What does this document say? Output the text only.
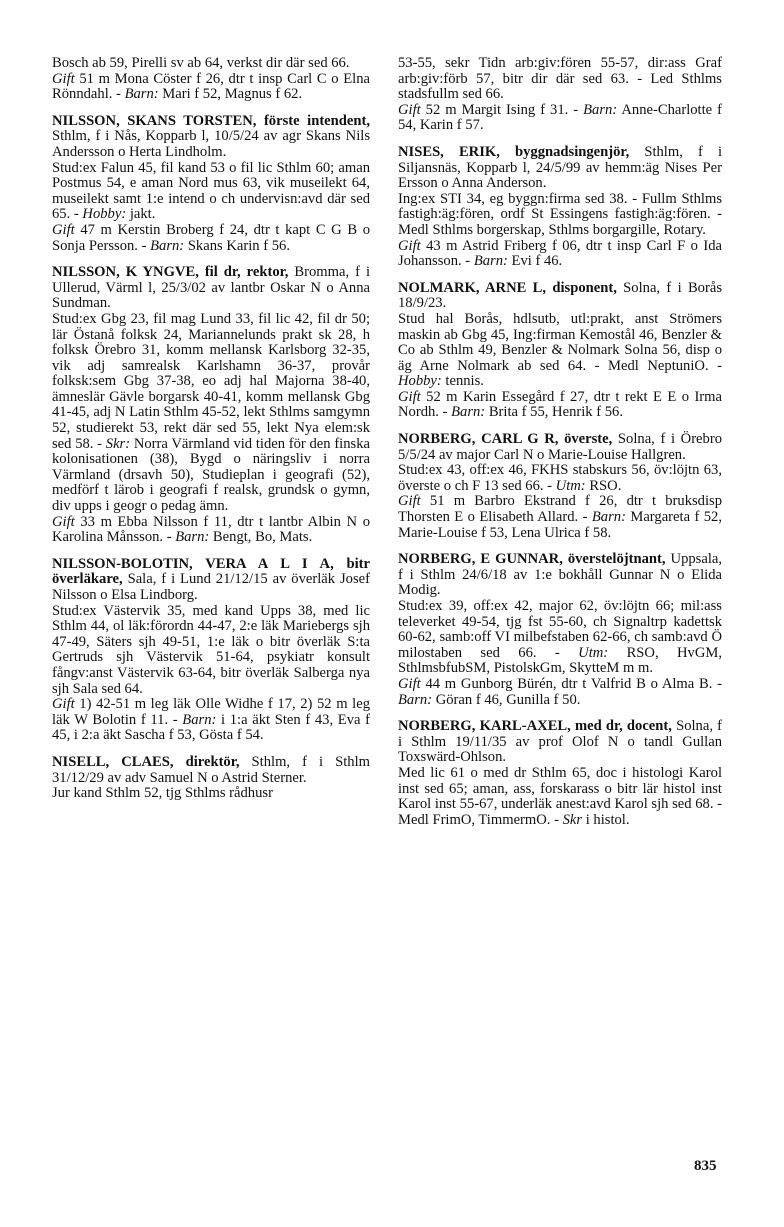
Bosch ab 59, Pirelli sv ab 64, verkst dir där sed 66.

Gift 51 m Mona Cöster f 26, dtr t insp Carl C o Elna Rönndahl. - Barn: Mari f 52, Magnus f 62.

NILSSON, SKANS TORSTEN, förste intendent, Sthlm, f i Nås, Kopparb l, 10/5/24 av agr Skans Nils Andersson o Herta Lindholm.

Stud:ex Falun 45, fil kand 53 o fil lic Sthlm 60; aman Postmus 54, e aman Nord mus 63, vik museilekt 64, museilekt samt 1:e intend o ch undervisn:avd där sed 65. - Hobby: jakt.

Gift 47 m Kerstin Broberg f 24, dtr t kapt C G B o Sonja Persson. - Barn: Skans Karin f 56.

NILSSON, K YNGVE, fil dr, rektor, Bromma, f i Ullerud, Värml l, 25/3/02 av lantbr Oskar N o Anna Sundman.

Stud:ex Gbg 23, fil mag Lund 33, fil lic 42, fil dr 50; lär Östanå folksk 24, Mariannelunds prakt sk 28, h folksk Örebro 31, komm mellansk Karlsborg 32-35, vik adj samrealsk Karlshamn 36-37, provår folksk:sem Gbg 37-38, eo adj hal Majorna 38-40, ämneslär Gävle borgarsk 40-41, komm mellansk Gbg 41-45, adj N Latin Sthlm 45-52, lekt Sthlms samgymn 52, studierekt 53, rekt där sed 55, lekt Nya elem:sk sed 58. - Skr: Norra Värmland vid tiden för den finska kolonisationen (38), Bygd o näringsliv i norra Värmland (drsavh 50), Studieplan i geografi (52), medförf t lärob i geografi f realsk, grundsk o gymn, div upps i geogr o pedag ämn.

Gift 33 m Ebba Nilsson f 11, dtr t lantbr Albin N o Karolina Månsson. - Barn: Bengt, Bo, Mats.

NILSSON-BOLOTIN, VERA A L I A, bitr överläkare, Sala, f i Lund 21/12/15 av överläk Josef Nilsson o Elsa Lindborg.

Stud:ex Västervik 35, med kand Upps 38, med lic Sthlm 44, ol läk:förordn 44-47, 2:e läk Mariebergs sjh 47-49, Säters sjh 49-51, 1:e läk o bitr överläk S:ta Gertruds sjh Västervik 51-64, psykiatr konsult fångv:anst Västervik 63-64, bitr överläk Salberga nya sjh Sala sed 64.

Gift 1) 42-51 m leg läk Olle Widhe f 17, 2) 52 m leg läk W Bolotin f 11. - Barn: i 1:a äkt Sten f 43, Eva f 45, i 2:a äkt Sascha f 53, Gösta f 54.

NISELL, CLAES, direktör, Sthlm, f i Sthlm 31/12/29 av adv Samuel N o Astrid Sterner.

Jur kand Sthlm 52, tjg Sthlms rådhusr

53-55, sekr Tidn arb:giv:fören 55-57, dir:ass Graf arb:giv:förb 57, bitr dir där sed 63. - Led Sthlms stadsfullm sed 66.

Gift 52 m Margit Ising f 31. - Barn: Anne-Charlotte f 54, Karin f 57.

NISES, ERIK, byggnadsingenjör, Sthlm, f i Siljansnäs, Kopparb l, 24/5/99 av hemm:äg Nises Per Ersson o Anna Anderson.

Ing:ex STI 34, eg byggn:firma sed 38. - Fullm Sthlms fastigh:äg:fören, ordf St Essingens fastigh:äg:fören. - Medl Sthlms borgerskap, Sthlms borgargille, Rotary.

Gift 43 m Astrid Friberg f 06, dtr t insp Carl F o Ida Johansson. - Barn: Evi f 46.

NOLMARK, ARNE L, disponent, Solna, f i Borås 18/9/23.

Stud hal Borås, hdlsutb, utl:prakt, anst Strömers maskin ab Gbg 45, Ing:firman Kemostål 46, Benzler & Co ab Sthlm 49, Benzler & Nolmark Solna 56, disp o äg Arne Nolmark ab sed 64. - Medl NeptuniO. - Hobby: tennis.

Gift 52 m Karin Essegård f 27, dtr t rekt E E o Irma Nordh. - Barn: Brita f 55, Henrik f 56.

NORBERG, CARL G R, överste, Solna, f i Örebro 5/5/24 av major Carl N o Marie-Louise Hallgren.

Stud:ex 43, off:ex 46, FKHS stabskurs 56, öv:löjtn 63, överste o ch F 13 sed 66. - Utm: RSO.

Gift 51 m Barbro Ekstrand f 26, dtr t bruksdisp Thorsten E o Elisabeth Allard. - Barn: Margareta f 52, Marie-Louise f 53, Lena Ulrica f 58.

NORBERG, E GUNNAR, överstelöjtnant, Uppsala, f i Sthlm 24/6/18 av 1:e bokhåll Gunnar N o Elida Modig.

Stud:ex 39, off:ex 42, major 62, öv:löjtn 66; mil:ass televerket 49-54, tjg fst 55-60, ch Signaltrp kadettsk 60-62, samb:off VI milbefstaben 62-66, ch samb:avd Ö milostaben sed 66. - Utm: RSO, HvGM, SthlmsbfubSM, PistolskGm, SkytteM m m.

Gift 44 m Gunborg Bürén, dtr t Valfrid B o Alma B. - Barn: Göran f 46, Gunilla f 50.

NORBERG, KARL-AXEL, med dr, docent, Solna, f i Sthlm 19/11/35 av prof Olof N o tandl Gullan Toxswärd-Ohlson.

Med lic 61 o med dr Sthlm 65, doc i histologi Karol inst sed 65; aman, ass, forskarass o bitr lär histol inst Karol inst 55-67, underläk anest:avd Karol sjh sed 68. - Medl FrimO, TimmermO. - Skr i histol.

835
